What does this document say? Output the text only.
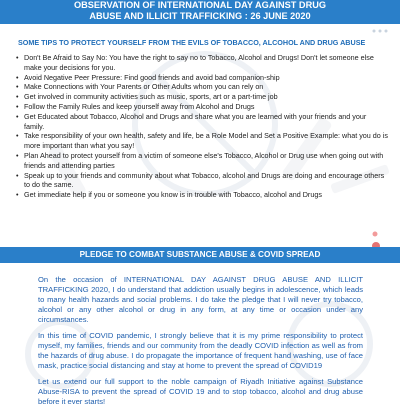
OBSERVATION OF INTERNATIONAL DAY AGAINST DRUG
ABUSE AND ILLICIT TRAFFICKING : 26 JUNE 2020
SOME TIPS TO PROTECT YOURSELF FROM THE EVILS OF TOBACCO, ALCOHOL AND DRUG ABUSE
• Don't Be Afraid to Say No: You have the right to say no to Tobacco, Alcohol and Drugs! Don't let someone else make your decisions for you.
• Avoid Negative Peer Pressure: Find good friends and avoid bad companion-ship
• Make Connections with Your Parents or Other Adults whom you can rely on
• Get involved in community activities such as music, sports, art or a part-time job
• Follow the Family Rules and keep yourself away from Alcohol and Drugs
• Get Educated about Tobacco, Alcohol and Drugs and share what you are learned with your friends and your family.
• Take responsibility of your own health, safety and life, be a Role Model and Set a Positive Example: what you do is more important than what you say!
• Plan Ahead to protect yourself from a victim of someone else's Tobacco, Alcohol or Drug use when going out with friends and attending parties
• Speak up to your friends and community about what Tobacco, alcohol and Drugs are doing and encourage others to do the same.
• Get immediate help if you or someone you know is in trouble with Tobacco, alcohol and Drugs
PLEDGE TO COMBAT SUBSTANCE ABUSE & COVID SPREAD

On the occasion of INTERNATIONAL DAY AGAINST DRUG ABUSE AND ILLICIT TRAFFICKING 2020, I do understand that addiction usually begins in adolescence, which leads to many health hazards and social problems. I do take the pledge that I will never try tobacco, alcohol or any other alcohol or drug in any form, at any time or occasion under any circumstances.

In this time of COVID pandemic, I strongly believe that it is my prime responsibility to protect myself, my families, friends and our community from the deadly COVID infection as well as from the hazards of drug abuse. I do propagate the importance of frequent hand washing, use of face mask, practice social distancing and stay at home to prevent the spread of COVID19

Let us extend our full support to the noble campaign of Riyadh Initiative against Substance Abuse-RISA to prevent the spread of COVID 19 and to stop tobacco, alcohol and drug abuse before it ever starts!
